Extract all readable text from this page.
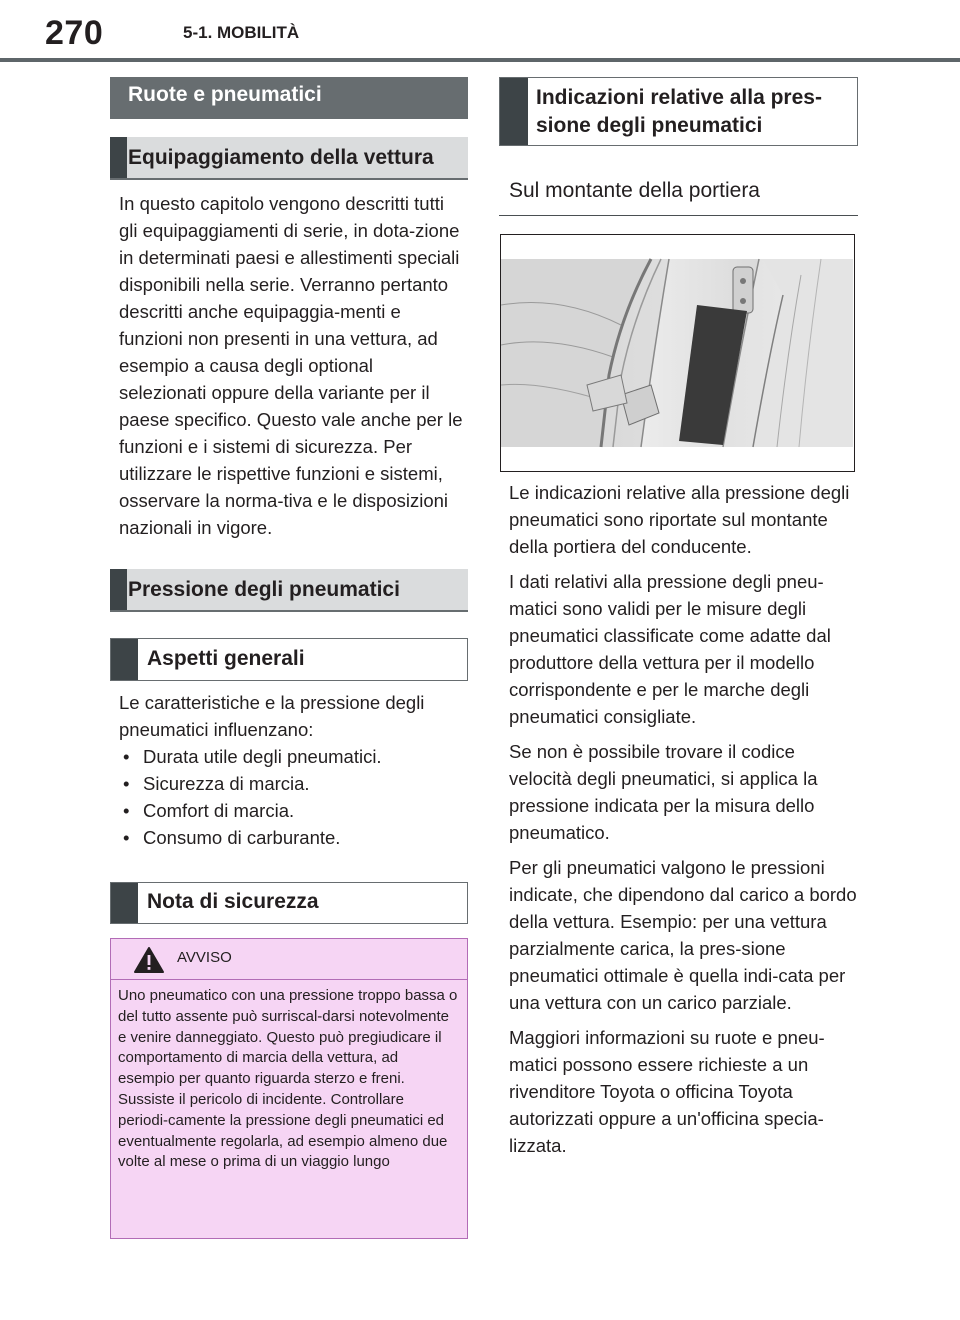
270	5-1. MOBILITÀ
Ruote e pneumatici
Equipaggiamento della vettura
In questo capitolo vengono descritti tutti gli equipaggiamenti di serie, in dota-zione in determinati paesi e allestimenti speciali disponibili nella serie. Verranno pertanto descritti anche equipaggia-menti e funzioni non presenti in una vettura, ad esempio a causa degli optional selezionati oppure della variante per il paese specifico. Questo vale anche per le funzioni e i sistemi di sicurezza. Per utilizzare le rispettive funzioni e sistemi, osservare la norma-tiva e le disposizioni nazionali in vigore.
Pressione degli pneumatici
Aspetti generali

Le caratteristiche e la pressione degli pneumatici influenzano:

• Durata utile degli pneumatici.
• Sicurezza di marcia.
• Comfort di marcia.
• Consumo di carburante.
Nota di sicurezza
AVVISO
Uno pneumatico con una pressione troppo bassa o del tutto assente può surriscal-darsi notevolmente e venire danneggiato. Questo può pregiudicare il comportamento di marcia della vettura, ad esempio per quanto riguarda sterzo e freni. Sussiste il pericolo di incidente. Controllare periodi-camente la pressione degli pneumatici ed eventualmente regolarla, ad esempio almeno due volte al mese o prima di un viaggio lungo
Indicazioni relative alla pres-sione degli pneumatici
Sul montante della portiera

Le indicazioni relative alla pressione degli pneumatici sono riportate sul montante della portiera del conducente.

I dati relativi alla pressione degli pneu-matici sono validi per le misure degli pneumatici classificate come adatte dal produttore della vettura per il modello corrispondente e per le marche degli pneumatici consigliate.

Se non è possibile trovare il codice velocità degli pneumatici, si applica la pressione indicata per la misura dello pneumatico.

Per gli pneumatici valgono le pressioni indicate, che dipendono dal carico a bordo della vettura. Esempio: per una vettura parzialmente carica, la pres-sione pneumatici ottimale è quella indi-cata per una vettura con un carico parziale.

Maggiori informazioni su ruote e pneu-matici possono essere richieste a un rivenditore Toyota o officina Toyota autorizzati oppure a un'officina specia-lizzata.
